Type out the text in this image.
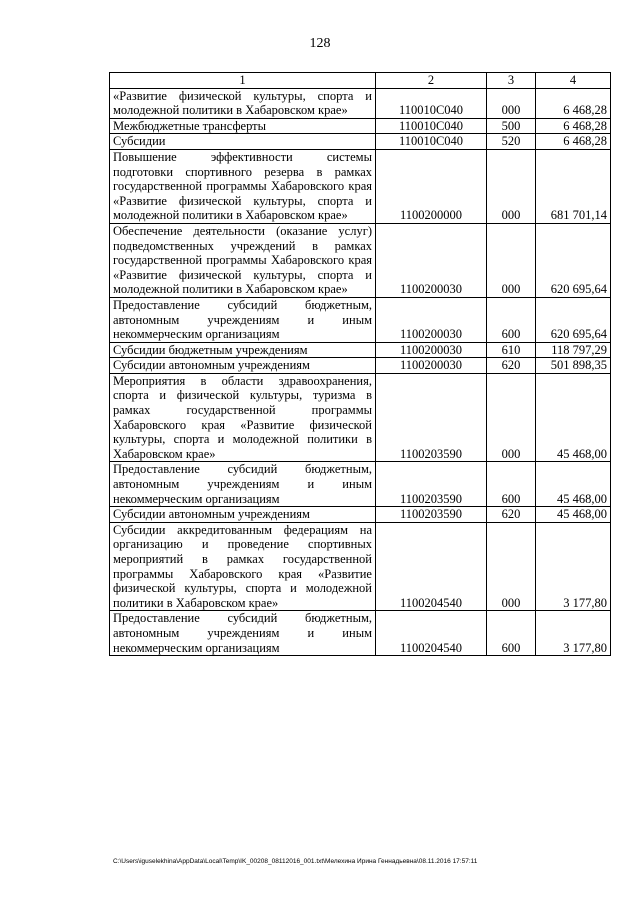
128
1	2	3	4
«Развитие физической культуры, спорта и молодежной политики в Хабаровском крае»	110010С040	000	6 468,28
Межбюджетные трансферты	110010С040	500	6 468,28
Субсидии	110010С040	520	6 468,28
Повышение эффективности системы подготовки спортивного резерва в рамках государственной программы Хабаровского края «Развитие физической культуры, спорта и молодежной политики в Хабаровском крае»	1100200000	000	681 701,14
Обеспечение деятельности (оказание услуг) подведомственных учреждений в рамках государственной программы Хабаровского края «Развитие физической культуры, спорта и молодежной политики в Хабаровском крае»	1100200030	000	620 695,64
Предоставление субсидий бюджетным, автономным учреждениям и иным некоммерческим организациям	1100200030	600	620 695,64
Субсидии бюджетным учреждениям	1100200030	610	118 797,29
Субсидии автономным учреждениям	1100200030	620	501 898,35
Мероприятия в области здравоохранения, спорта и физической культуры, туризма в рамках государственной программы Хабаровского края «Развитие физической культуры, спорта и молодежной политики в Хабаровском крае»	1100203590	000	45 468,00
Предоставление субсидий бюджетным, автономным учреждениям и иным некоммерческим организациям	1100203590	600	45 468,00
Субсидии автономным учреждениям	1100203590	620	45 468,00
Субсидии аккредитованным федерациям на организацию и проведение спортивных мероприятий в рамках государственной программы Хабаровского края «Развитие физической культуры, спорта и молодежной политики в Хабаровском крае»	1100204540	000	3 177,80
Предоставление субсидий бюджетным, автономным учреждениям и иным некоммерческим организациям	1100204540	600	3 177,80
C:\Users\iguselekhina\AppData\Local\Temp\IK_00208_08112016_001.txt\Мелехина Ирина Геннадьевна\08.11.2016 17:57:11
